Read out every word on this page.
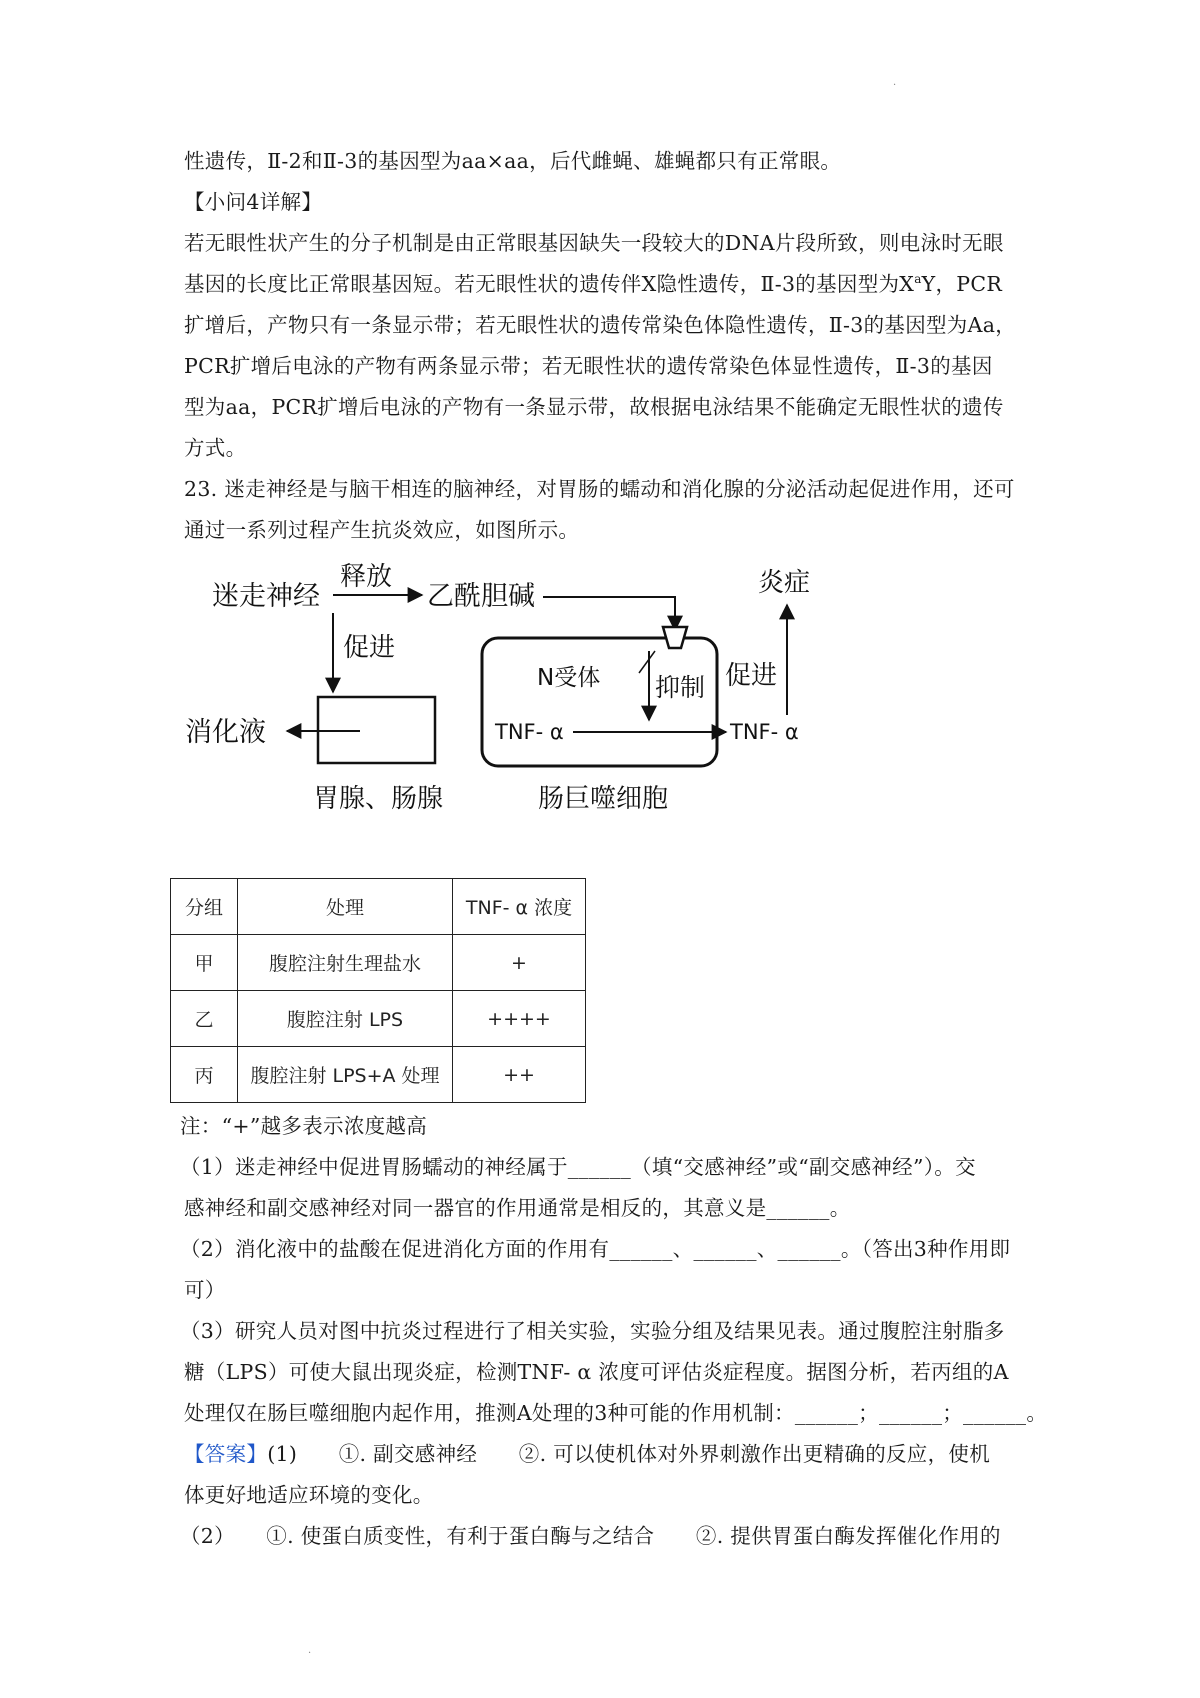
·
性遗传，Ⅱ-2和Ⅱ-3的基因型为aa×aa，后代雌蝇、雄蝇都只有正常眼。
【小问4详解】
若无眼性状产生的分子机制是由正常眼基因缺失一段较大的DNA片段所致，则电泳时无眼
基因的长度比正常眼基因短。若无眼性状的遗传伴X隐性遗传，Ⅱ-3的基因型为$X^aY$，PCR
扩增后，产物只有一条显示带；若无眼性状的遗传常染色体隐性遗传，Ⅱ-3的基因型为Aa，
PCR扩增后电泳的产物有两条显示带；若无眼性状的遗传常染色体显性遗传，Ⅱ-3的基因
型为aa，PCR扩增后电泳的产物有一条显示带，故根据电泳结果不能确定无眼性状的遗传
方式。
23. 迷走神经是与脑干相连的脑神经，对胃肠的蠕动和消化腺的分泌活动起促进作用，还可
通过一系列过程产生抗炎效应，如图所示。
迷走神经
释放
乙酰胆碱
促进
消化液
胃腺、肠腺
N受体 抑制
TNF- α	TNF- α
肠巨噬细胞
促进
炎症
分组	处理	TNF- α 浓度
甲	腹腔注射生理盐水	+
乙	腹腔注射 LPS	++++
丙	腹腔注射 LPS+A 处理	++
注：“+”越多表示浓度越高
（1）迷走神经中促进胃肠蠕动的神经属于______（填“交感神经”或“副交感神经”）。交
感神经和副交感神经对同一器官的作用通常是相反的，其意义是______。
（2）消化液中的盐酸在促进消化方面的作用有______、______、______。（答出3种作用即
可）
（3）研究人员对图中抗炎过程进行了相关实验，实验分组及结果见表。通过腹腔注射脂多
糖（LPS）可使大鼠出现炎症，检测TNF- α 浓度可评估炎症程度。据图分析，若丙组的A
处理仅在肠巨噬细胞内起作用，推测A处理的3种可能的作用机制：______；______；______。
【答案】(1)　　①. 副交感神经　　②. 可以使机体对外界刺激作出更精确的反应，使机
体更好地适应环境的变化。
（2）　　①. 使蛋白质变性，有利于蛋白酶与之结合　　②. 提供胃蛋白酶发挥催化作用的
·
